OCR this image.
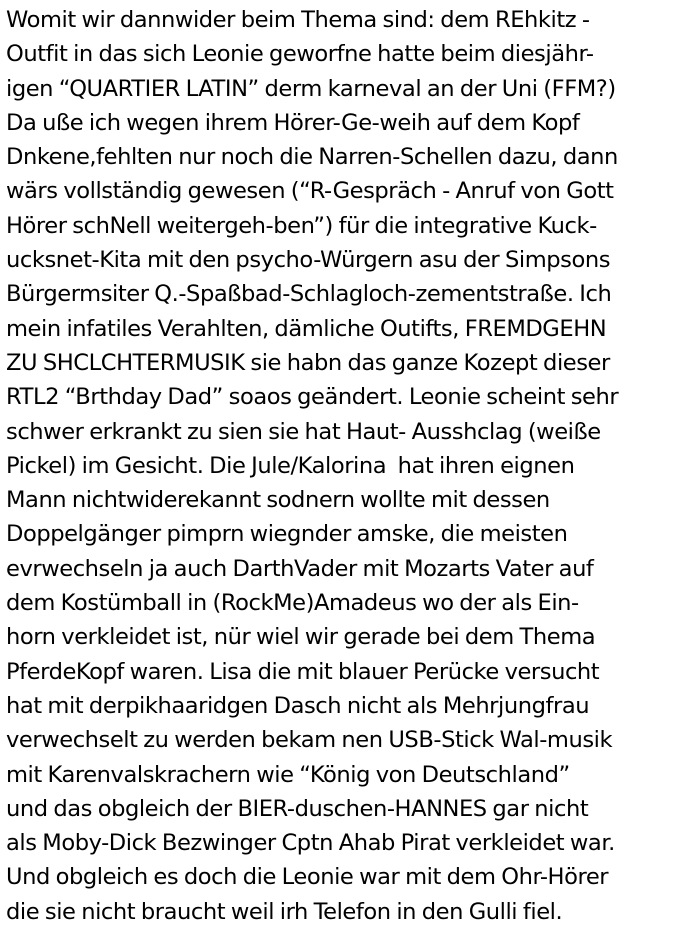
Womit wir dannwider beim Thema sind: dem REhkitz -
Outfit in das sich Leonie geworfne hatte beim diesjähr-
igen “QUARTIER LATIN” derm karneval an der Uni (FFM?)
Da uße ich wegen ihrem Hörer-Ge-weih auf dem Kopf
Dnkene,fehlten nur noch die Narren-Schellen dazu, dann
wärs vollständig gewesen (“R-Gespräch - Anruf von Gott
Hörer schNell weitergeh-ben”) für die integrative Kuck-
ucksnet-Kita mit den psycho-Würgern asu der Simpsons
Bürgermsiter Q.-Spaßbad-Schlagloch-zementstraße. Ich
mein infatiles Verahlten, dämliche Outifts, FREMDGEHN
ZU SHCLCHTERMUSIK sie habn das ganze Kozept dieser
RTL2 “Brthday Dad” soaos geändert. Leonie scheint sehr
schwer erkrankt zu sien sie hat Haut- Ausshclag (weiße
Pickel) im Gesicht. Die Jule/Kalorina  hat ihren eignen
Mann nichtwiderekannt sodnern wollte mit dessen
Doppelgänger pimprn wiegnder amske, die meisten
evrwechseln ja auch DarthVader mit Mozarts Vater auf
dem Kostümball in (RockMe)Amadeus wo der als Ein-
horn verkleidet ist, nür wiel wir gerade bei dem Thema
PferdeKopf waren. Lisa die mit blauer Perücke versucht
hat mit derpikhaaridgen Dasch nicht als Mehrjungfrau
verwechselt zu werden bekam nen USB-Stick Wal-musik
mit Karenvalskrachern wie “König von Deutschland”
und das obgleich der BIER-duschen-HANNES gar nicht
als Moby-Dick Bezwinger Cptn Ahab Pirat verkleidet war.
Und obgleich es doch die Leonie war mit dem Ohr-Hörer
die sie nicht braucht weil irh Telefon in den Gulli fiel.
